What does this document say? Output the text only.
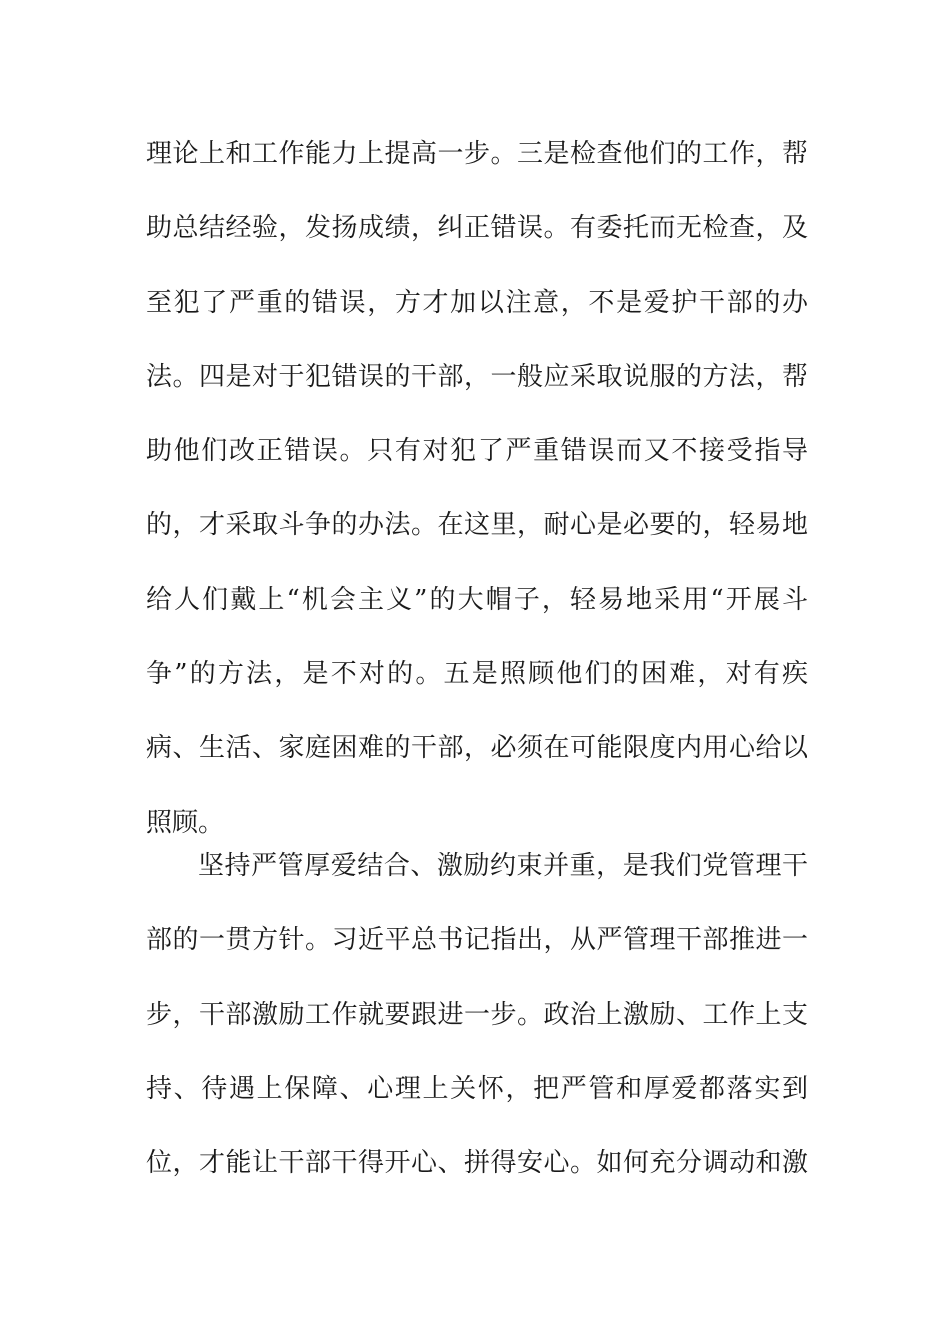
理论上和工作能力上提高一步。三是检查他们的工作，帮
助总结经验，发扬成绩，纠正错误。有委托而无检查，及
至犯了严重的错误，方才加以注意，不是爱护干部的办
法。四是对于犯错误的干部，一般应采取说服的方法，帮
助他们改正错误。只有对犯了严重错误而又不接受指导
的，才采取斗争的办法。在这里，耐心是必要的，轻易地
给人们戴上“机会主义”的大帽子，轻易地采用“开展斗
争”的方法，是不对的。五是照顾他们的困难，对有疾
病、生活、家庭困难的干部，必须在可能限度内用心给以
照顾。
坚持严管厚爱结合、激励约束并重，是我们党管理干
部的一贯方针。习近平总书记指出，从严管理干部推进一
步，干部激励工作就要跟进一步。政治上激励、工作上支
持、待遇上保障、心理上关怀，把严管和厚爱都落实到
位，才能让干部干得开心、拼得安心。如何充分调动和激
